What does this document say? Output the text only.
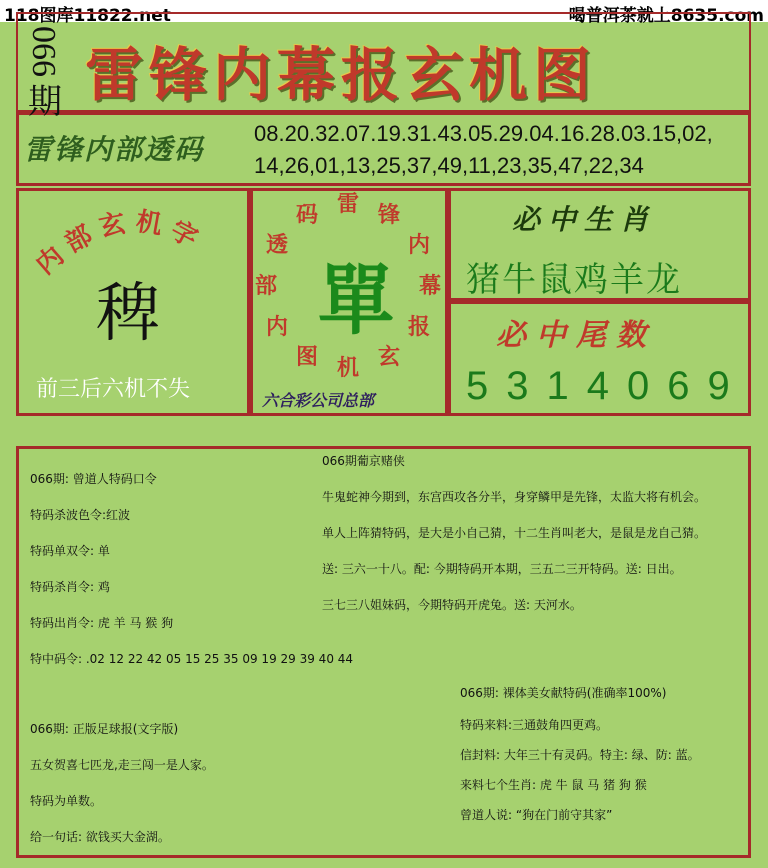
118图库11822.net	喝普洱茶就上8635.com
066
期 雷锋内幕报玄机图
雷锋内部透码 08.20.32.07.19.31.43.05.29.04.16.28.03.15,02,
14,26,01,13,25,37,49,11,23,35,47,22,34
内部玄机字
稗
前三后六机不失
雷 锋
内
幕
报
玄
机
图
内
部
透
码
單
六合彩公司总部
必中生肖
猪牛鼠鸡羊龙
必中尾数
5314069
066期: 曾道人特码口令
特码杀波色令:红波
特码单双令: 单
特码杀肖令: 鸡
特码出肖令: 虎 羊 马 猴 狗
特中码令: .02 12 22 42 05 15 25 35 09 19 29 39 40 44
066期葡京赌侠
牛鬼蛇神今期到，东宫西攻各分半，身穿鳞甲是先锋，太监大将有机会。
单人上阵猜特码，是大是小自己猜，十二生肖叫老大，是鼠是龙自己猜。
送: 三六一十八。配: 今期特码开本期，三五二三开特码。送: 日出。
三七三八姐妹码，今期特码开虎兔。送: 天河水。
066期: 裸体美女献特码(准确率100%)
特码来料:三通鼓角四更鸡。
信封料: 大年三十有灵码。特主: 绿、防: 蓝。
来料七个生肖: 虎 牛 鼠 马 猪 狗 猴
曾道人说: “狗在门前守其家”
066期: 正版足球报(文字版)
五女贺喜七匹龙,走三闯一是人家。
特码为单数。
给一句话: 欲钱买大金湖。
